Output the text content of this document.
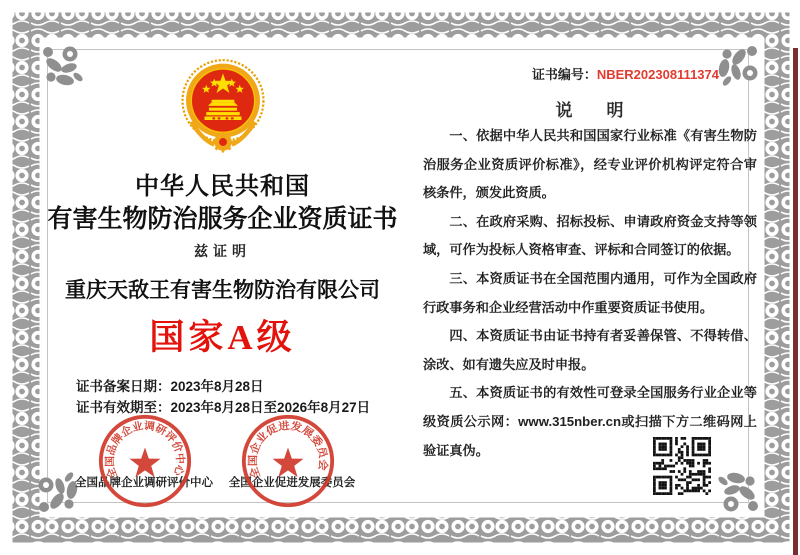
中华人民共和国
有害生物防治服务企业资质证书
兹证明
重庆天敌王有害生物防治有限公司
国家A级
证书备案日期：2023年8月28日
证书有效期至：2023年8月28日至2026年8月27日
全国品牌企业调研评价中心	全国企业促进发展委员会
全国品牌企业调研评价中心	全国企业促进发展委员会
证书编号：NBER202308111374
说　　明

一、依据中华人民共和国国家行业标准《有害生物防治服务企业资质评价标准》，经专业评价机构评定符合审核条件，颁发此资质。

二、在政府采购、招标投标、申请政府资金支持等领域，可作为投标人资格审查、评标和合同签订的依据。

三、本资质证书在全国范围内通用，可作为全国政府行政事务和企业经营活动中作重要资质证书使用。

四、本资质证书由证书持有者妥善保管、不得转借、涂改、如有遗失应及时申报。

五、本资质证书的有效性可登录全国服务行业企业等级资质公示网：www.315nber.cn或扫描下方二维码网上验证真伪。
